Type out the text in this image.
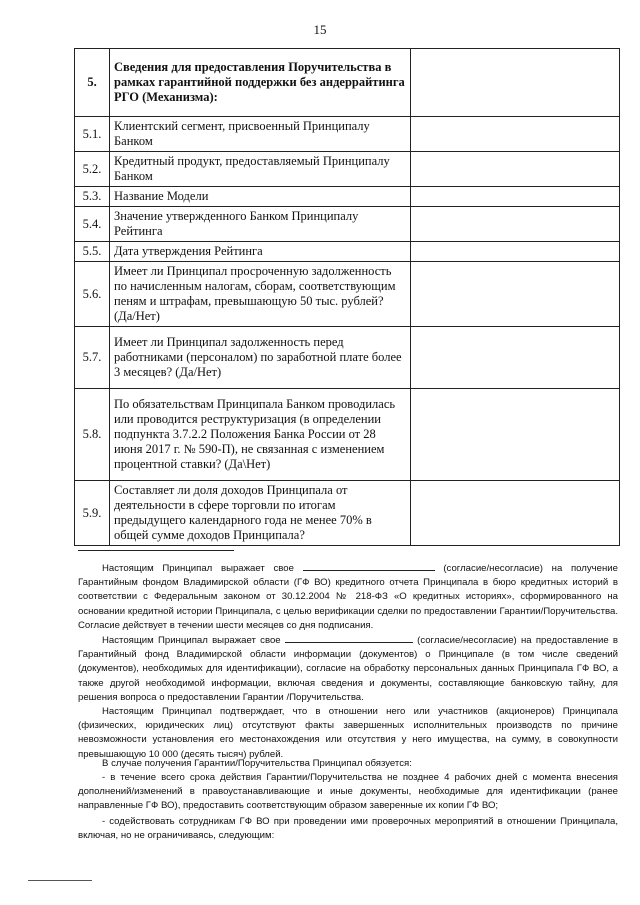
15
5.	Сведения для предоставления Поручительства в рамках гарантийной поддержки без андеррайтинга РГО (Механизма):	
5.1.	Клиентский сегмент, присвоенный Принципалу Банком	
5.2.	Кредитный продукт, предоставляемый Принципалу Банком	
5.3.	Название Модели	
5.4.	Значение утвержденного Банком Принципалу Рейтинга	
5.5.	Дата утверждения Рейтинга	
5.6.	Имеет ли Принципал просроченную задолженность по начисленным налогам, сборам, соответствующим пеням и штрафам, превышающую 50 тыс. рублей? (Да/Нет)	
5.7.	Имеет ли Принципал задолженность перед работниками (персоналом) по заработной плате более 3 месяцев? (Да/Нет)	
5.8.	По обязательствам Принципала Банком проводилась или проводится реструктуризация (в определении подпункта 3.7.2.2 Положения Банка России от 28 июня 2017 г. № 590-П), не связанная с изменением процентной ставки? (Да\Нет)	
5.9.	Составляет ли доля доходов Принципала от деятельности в сфере торговли по итогам предыдущего календарного года не менее 70% в общей сумме доходов Принципала?	

Настоящим Принципал выражает свое	(согласие/несогласие) на получение Гарантийным фондом Владимирской области (ГФ ВО) кредитного отчета Принципала в бюро кредитных историй в соответствии с Федеральным законом от 30.12.2004 № 218-ФЗ «О кредитных историях», сформированного на основании кредитной истории Принципала, с целью верификации сделки по предоставлении Гарантии/Поручительства. Согласие действует в течении шести месяцев со дня подписания.

Настоящим Принципал выражает свое	(согласие/несогласие) на предоставление в Гарантийный фонд Владимирской области информации (документов) о Принципале (в том числе сведений (документов), необходимых для идентификации), согласие на обработку персональных данных Принципала ГФ ВО, а также другой необходимой информации, включая сведения и документы, составляющие банковскую тайну, для решения вопроса о предоставлении Гарантии /Поручительства.

Настоящим Принципал подтверждает, что в отношении него или участников (акционеров) Принципала (физических, юридических лиц) отсутствуют факты завершенных исполнительных производств по причине невозможности установления его местонахождения или отсутствия у него имущества, на сумму, в совокупности превышающую 10 000 (десять тысяч) рублей.

В случае получения Гарантии/Поручительства Принципал обязуется:

- в течение всего срока действия Гарантии/Поручительства не позднее 4 рабочих дней с момента внесения дополнений/изменений в правоустанавливающие и иные документы, необходимые для идентификации (ранее направленные ГФ ВО), предоставить соответствующим образом заверенные их копии ГФ ВО;

- содействовать сотрудникам ГФ ВО при проведении ими проверочных мероприятий в отношении Принципала, включая, но не ограничиваясь, следующим:
